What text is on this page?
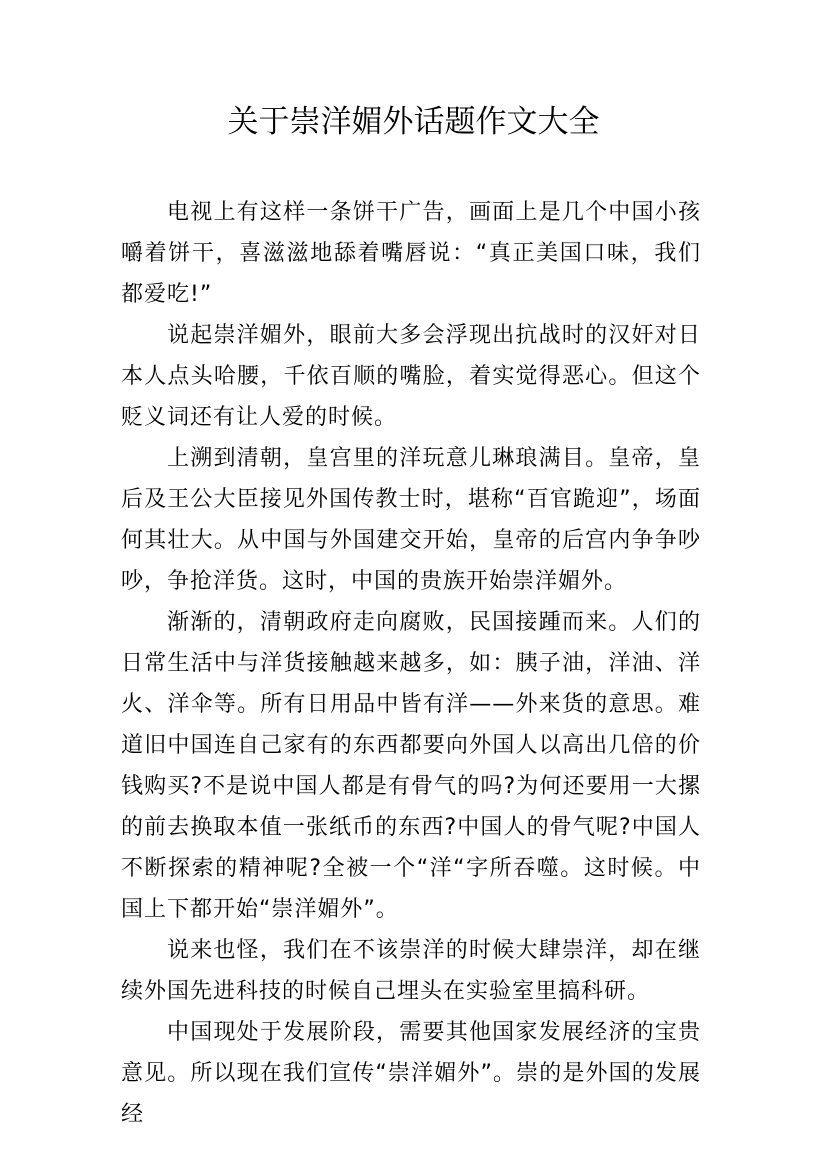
关于崇洋媚外话题作文大全

电视上有这样一条饼干广告，画面上是几个中国小孩嚼着饼干，喜滋滋地舔着嘴唇说：“真正美国口味，我们都爱吃!”

说起崇洋媚外，眼前大多会浮现出抗战时的汉奸对日本人点头哈腰，千依百顺的嘴脸，着实觉得恶心。但这个贬义词还有让人爱的时候。

上溯到清朝，皇宫里的洋玩意儿琳琅满目。皇帝，皇后及王公大臣接见外国传教士时，堪称“百官跪迎”，场面何其壮大。从中国与外国建交开始，皇帝的后宫内争争吵吵，争抢洋货。这时，中国的贵族开始崇洋媚外。

渐渐的，清朝政府走向腐败，民国接踵而来。人们的日常生活中与洋货接触越来越多，如：胰子油，洋油、洋火、洋伞等。所有日用品中皆有洋——外来货的意思。难道旧中国连自己家有的东西都要向外国人以高出几倍的价钱购买?不是说中国人都是有骨气的吗?为何还要用一大摞的前去换取本值一张纸币的东西?中国人的骨气呢?中国人不断探索的精神呢?全被一个“洋“字所吞噬。这时候。中国上下都开始“崇洋媚外”。

说来也怪，我们在不该崇洋的时候大肆崇洋，却在继续外国先进科技的时候自己埋头在实验室里搞科研。

中国现处于发展阶段，需要其他国家发展经济的宝贵意见。所以现在我们宣传“崇洋媚外”。崇的是外国的发展经
